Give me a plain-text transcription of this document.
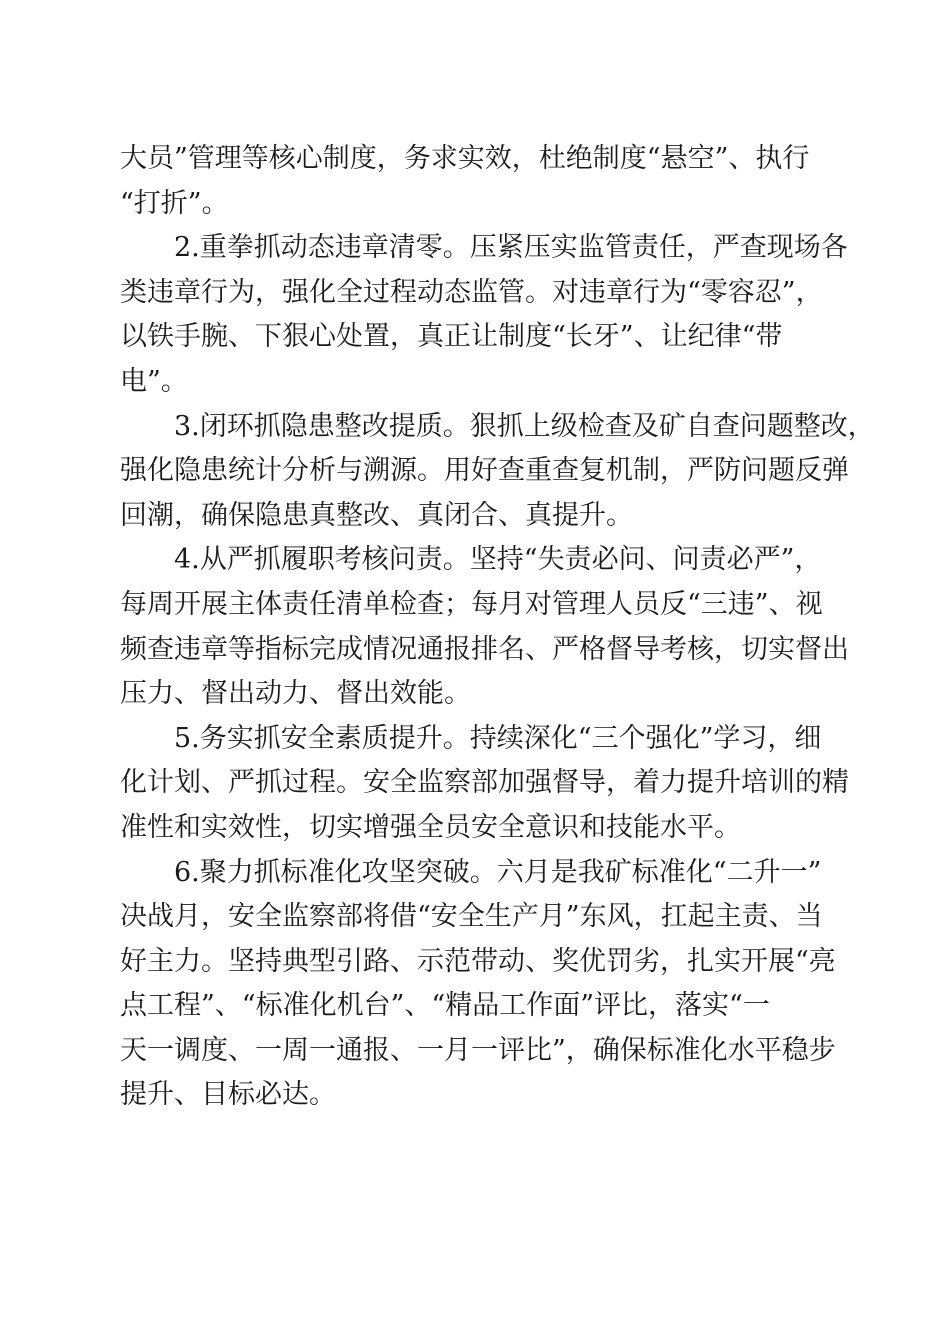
大员”管理等核心制度，务求实效，杜绝制度“悬空”、执行
“打折”。
2.重拳抓动态违章清零。压紧压实监管责任，严查现场各
类违章行为，强化全过程动态监管。对违章行为“零容忍”，
以铁手腕、下狠心处置，真正让制度“长牙”、让纪律“带
电”。
3.闭环抓隐患整改提质。狠抓上级检查及矿自查问题整改，
强化隐患统计分析与溯源。用好查重查复机制，严防问题反弹
回潮，确保隐患真整改、真闭合、真提升。
4.从严抓履职考核问责。坚持“失责必问、问责必严”，
每周开展主体责任清单检查；每月对管理人员反“三违”、视
频查违章等指标完成情况通报排名、严格督导考核，切实督出
压力、督出动力、督出效能。
5.务实抓安全素质提升。持续深化“三个强化”学习，细
化计划、严抓过程。安全监察部加强督导，着力提升培训的精
准性和实效性，切实增强全员安全意识和技能水平。
6.聚力抓标准化攻坚突破。六月是我矿标准化“二升一”
决战月，安全监察部将借“安全生产月”东风，扛起主责、当
好主力。坚持典型引路、示范带动、奖优罚劣，扎实开展“亮
点工程”、“标准化机台”、“精品工作面”评比，落实“一
天一调度、一周一通报、一月一评比”，确保标准化水平稳步
提升、目标必达。
